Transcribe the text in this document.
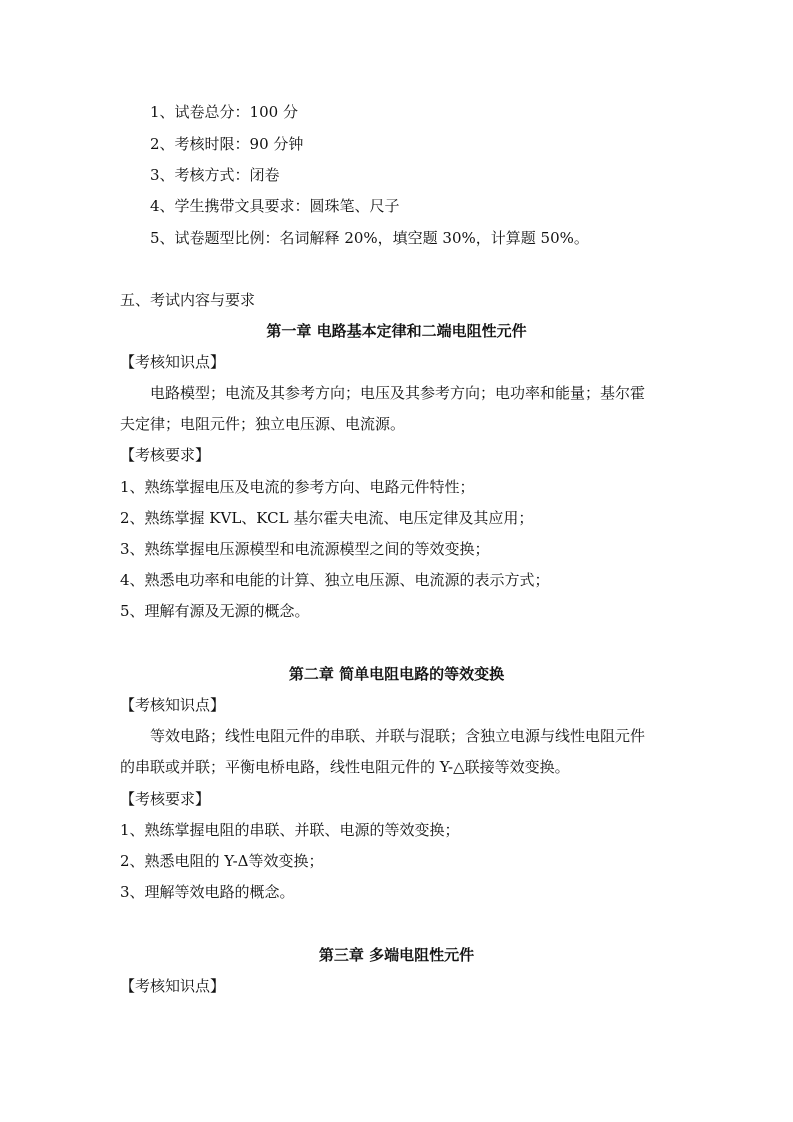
1、试卷总分：100 分
2、考核时限：90 分钟
3、考核方式：闭卷
4、学生携带文具要求：圆珠笔、尺子
5、试卷题型比例：名词解释 20%，填空题 30%，计算题 50%。
五、考试内容与要求
第一章 电路基本定律和二端电阻性元件
【考核知识点】
电路模型；电流及其参考方向；电压及其参考方向；电功率和能量；基尔霍
夫定律；电阻元件；独立电压源、电流源。
【考核要求】
1、熟练掌握电压及电流的参考方向、电路元件特性；
2、熟练掌握 KVL、KCL 基尔霍夫电流、电压定律及其应用；
3、熟练掌握电压源模型和电流源模型之间的等效变换；
4、熟悉电功率和电能的计算、独立电压源、电流源的表示方式；
5、理解有源及无源的概念。
第二章 简单电阻电路的等效变换
【考核知识点】
等效电路；线性电阻元件的串联、并联与混联；含独立电源与线性电阻元件
的串联或并联；平衡电桥电路，线性电阻元件的 Y-△联接等效变换。
【考核要求】
1、熟练掌握电阻的串联、并联、电源的等效变换；
2、熟悉电阻的 Y-Δ等效变换；
3、理解等效电路的概念。
第三章 多端电阻性元件
【考核知识点】
